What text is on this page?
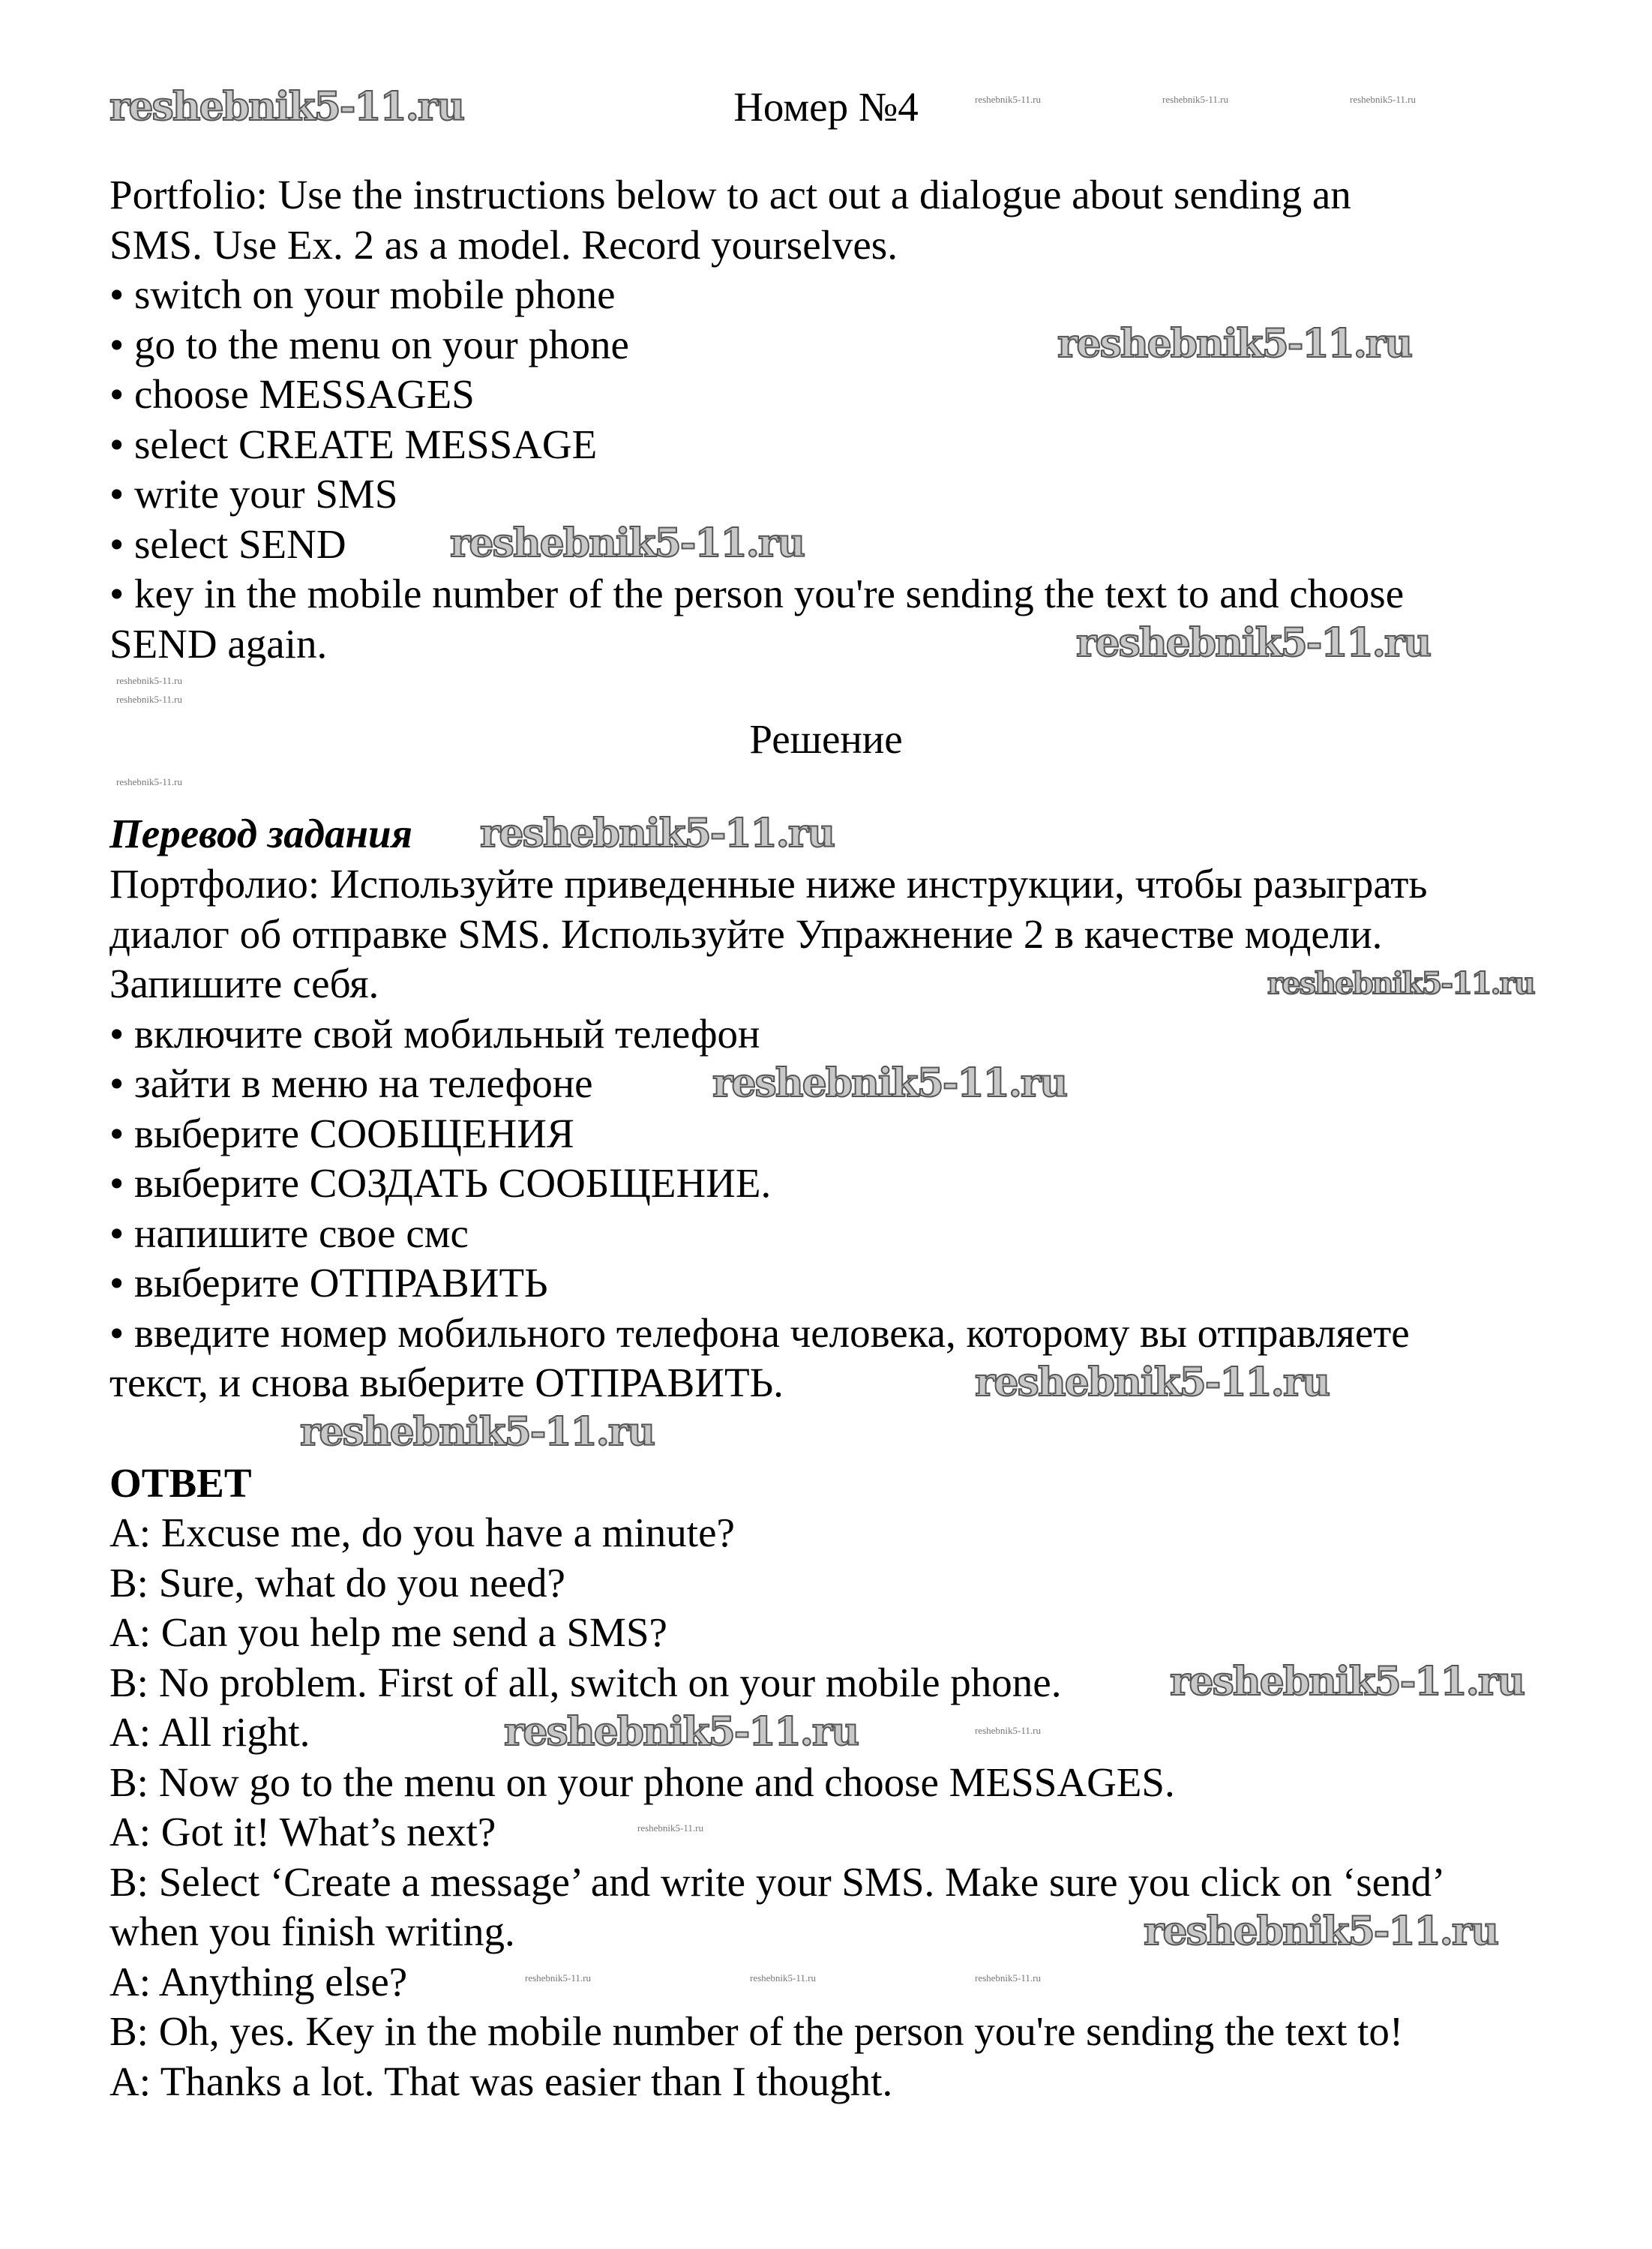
Номер №4
Portfolio: Use the instructions below to act out a dialogue about sending an
SMS. Use Ex. 2 as a model. Record yourselves.
• switch on your mobile phone
• go to the menu on your phone
• choose MESSAGES
• select CREATE MESSAGE
• write your SMS
• select SEND
• key in the mobile number of the person you're sending the text to and choose
SEND again.
Решение
Перевод задания
Портфолио: Используйте приведенные ниже инструкции, чтобы разыграть
диалог об отправке SMS. Используйте Упражнение 2 в качестве модели.
Запишите себя.
• включите свой мобильный телефон
• зайти в меню на телефоне
• выберите СООБЩЕНИЯ
• выберите СОЗДАТЬ СООБЩЕНИЕ.
• напишите свое смс
• выберите ОТПРАВИТЬ
• введите номер мобильного телефона человека, которому вы отправляете
текст, и снова выберите ОТПРАВИТЬ.
ОТВЕТ
A: Excuse me, do you have a minute?
B: Sure, what do you need?
A: Can you help me send a SMS?
B: No problem. First of all, switch on your mobile phone.
A: All right.
B: Now go to the menu on your phone and choose MESSAGES.
A: Got it! What’s next?
B: Select ‘Create a message’ and write your SMS. Make sure you click on ‘send’
when you finish writing.
A: Anything else?
B: Oh, yes. Key in the mobile number of the person you're sending the text to!
A: Thanks a lot. That was easier than I thought.
reshebnik5-11.ru
reshebnik5-11.ru
reshebnik5-11.ru
reshebnik5-11.ru
reshebnik5-11.ru
reshebnik5-11.ru
reshebnik5-11.ru
reshebnik5-11.ru
reshebnik5-11.ru
reshebnik5-11.ru
reshebnik5-11.ru
reshebnik5-11.ru
reshebnik5-11.ru	reshebnik5-11.ru	reshebnik5-11.ru
reshebnik5-11.ru
reshebnik5-11.ru
reshebnik5-11.ru
reshebnik5-11.ru
reshebnik5-11.ru
reshebnik5-11.ru	reshebnik5-11.ru	reshebnik5-11.ru
